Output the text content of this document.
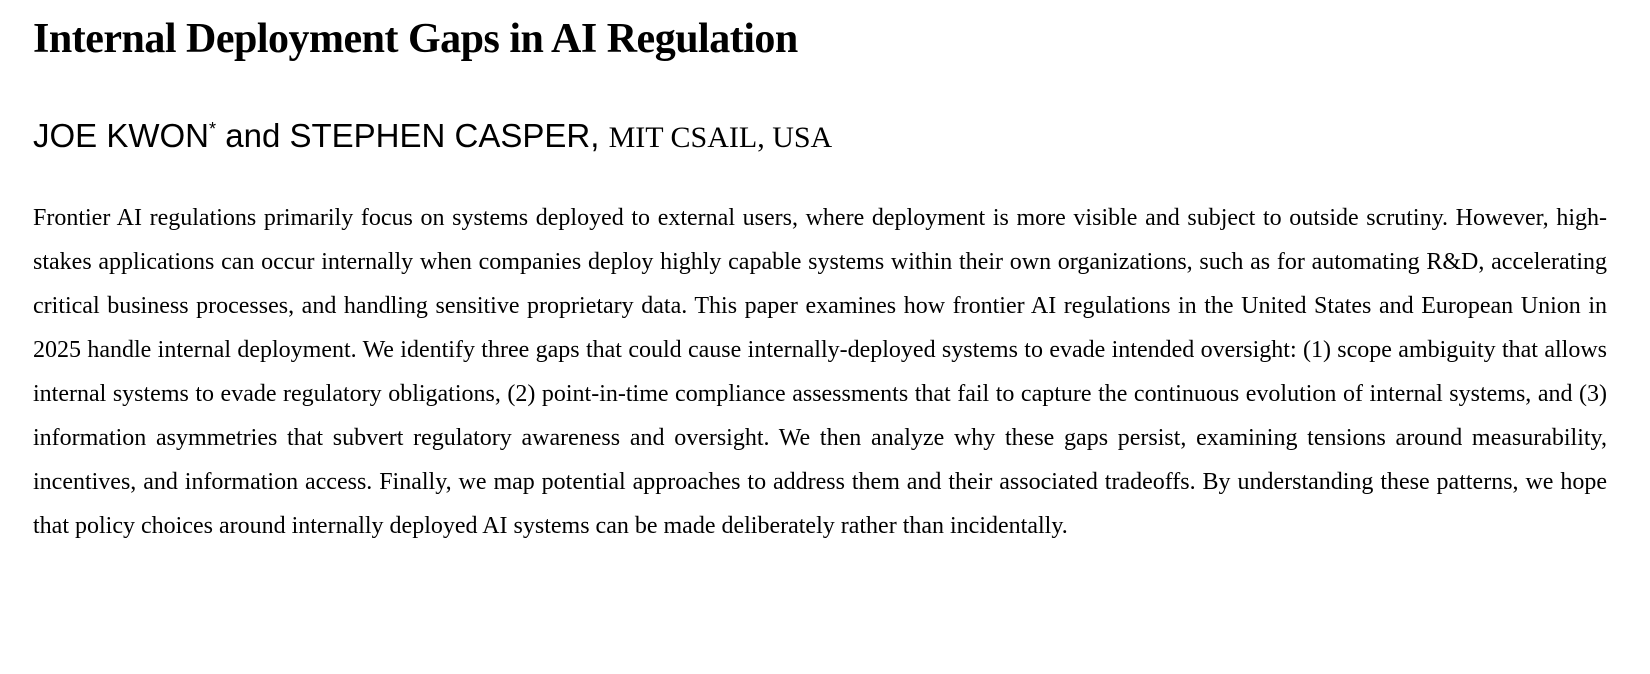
Internal Deployment Gaps in AI Regulation
JOE KWON* and STEPHEN CASPER, MIT CSAIL, USA

Frontier AI regulations primarily focus on systems deployed to external users, where deployment is more visible and subject to outside scrutiny. However, high-stakes applications can occur internally when companies deploy highly capable systems within their own organizations, such as for automating R&D, accelerating critical business processes, and handling sensitive proprietary data. This paper examines how frontier AI regulations in the United States and European Union in 2025 handle internal deployment. We identify three gaps that could cause internally-deployed systems to evade intended oversight: (1) scope ambiguity that allows internal systems to evade regulatory obligations, (2) point-in-time compliance assessments that fail to capture the continuous evolution of internal systems, and (3) information asymmetries that subvert regulatory awareness and oversight. We then analyze why these gaps persist, examining tensions around measurability, incentives, and information access. Finally, we map potential approaches to address them and their associated tradeoffs. By understanding these patterns, we hope that policy choices around internally deployed AI systems can be made deliberately rather than incidentally.
